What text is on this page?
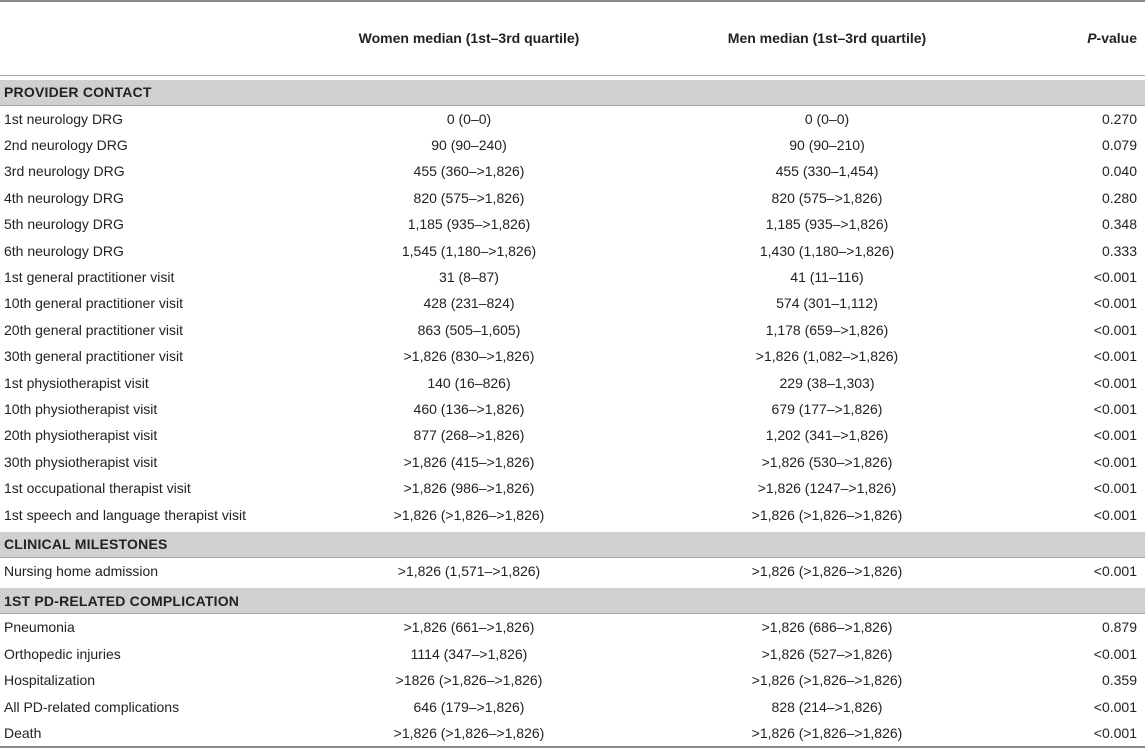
	Women median (1st–3rd quartile)	Men median (1st–3rd quartile)	P-value

PROVIDER CONTACT			
1st neurology DRG	0 (0–0)	0 (0–0)	0.270
2nd neurology DRG	90 (90–240)	90 (90–210)	0.079
3rd neurology DRG	455 (360–>1,826)	455 (330–1,454)	0.040
4th neurology DRG	820 (575–>1,826)	820 (575–>1,826)	0.280
5th neurology DRG	1,185 (935–>1,826)	1,185 (935–>1,826)	0.348
6th neurology DRG	1,545 (1,180–>1,826)	1,430 (1,180–>1,826)	0.333
1st general practitioner visit	31 (8–87)	41 (11–116)	<0.001
10th general practitioner visit	428 (231–824)	574 (301–1,112)	<0.001
20th general practitioner visit	863 (505–1,605)	1,178 (659–>1,826)	<0.001
30th general practitioner visit	>1,826 (830–>1,826)	>1,826 (1,082–>1,826)	<0.001
1st physiotherapist visit	140 (16–826)	229 (38–1,303)	<0.001
10th physiotherapist visit	460 (136–>1,826)	679 (177–>1,826)	<0.001
20th physiotherapist visit	877 (268–>1,826)	1,202 (341–>1,826)	<0.001
30th physiotherapist visit	>1,826 (415–>1,826)	>1,826 (530–>1,826)	<0.001
1st occupational therapist visit	>1,826 (986–>1,826)	>1,826 (1247–>1,826)	<0.001
1st speech and language therapist visit	>1,826 (>1,826–>1,826)	>1,826 (>1,826–>1,826)	<0.001

CLINICAL MILESTONES			
Nursing home admission	>1,826 (1,571–>1,826)	>1,826 (>1,826–>1,826)	<0.001

1ST PD-RELATED COMPLICATION			
Pneumonia	>1,826 (661–>1,826)	>1,826 (686–>1,826)	0.879
Orthopedic injuries	1114 (347–>1,826)	>1,826 (527–>1,826)	<0.001
Hospitalization	>1826 (>1,826–>1,826)	>1,826 (>1,826–>1,826)	0.359
All PD-related complications	646 (179–>1,826)	828 (214–>1,826)	<0.001
Death	>1,826 (>1,826–>1,826)	>1,826 (>1,826–>1,826)	<0.001
